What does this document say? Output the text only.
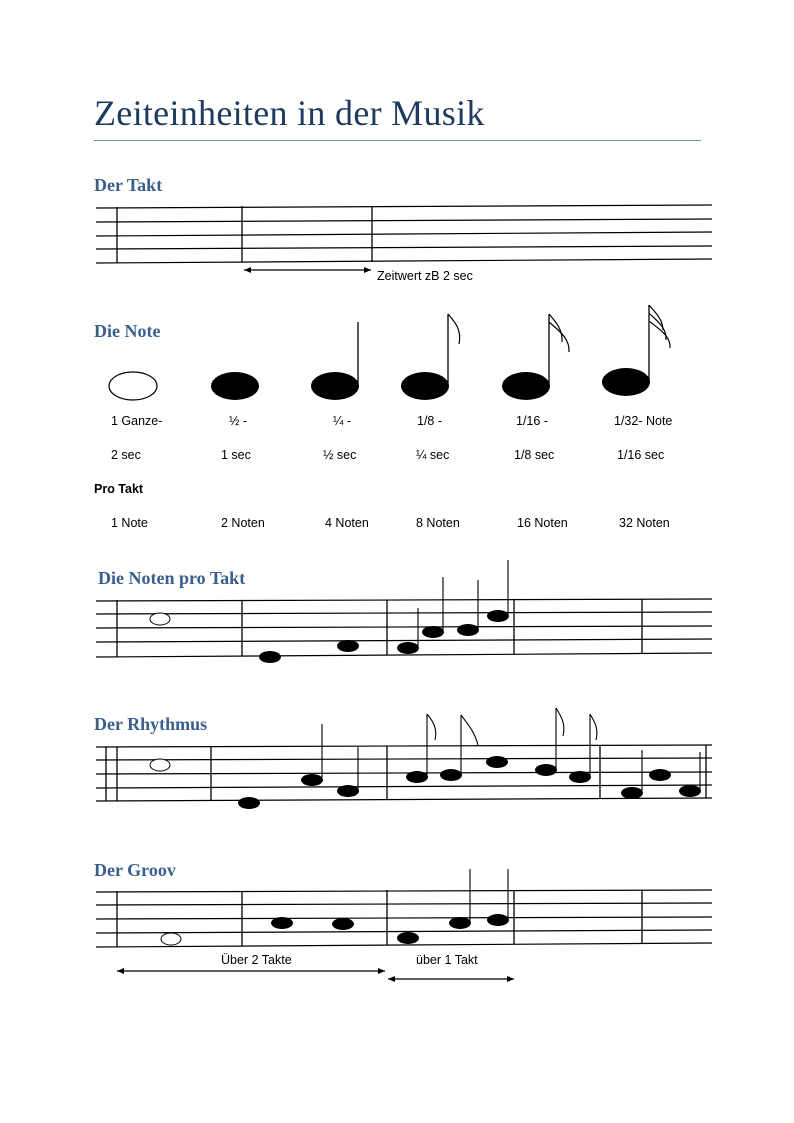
Zeiteinheiten in der Musik
Der Takt
Zeitwert zB 2 sec
Die Note
1 Ganze-	½ -	¼ -	1/8 -	1/16 -	1/32- Note
2 sec	1 sec	½ sec	¼ sec	1/8 sec	1/16 sec
Pro Takt
1 Note	2 Noten	4 Noten	8 Noten	16 Noten	32 Noten
Die Noten pro Takt
Der Rhythmus
Der Groov
Über 2 Takte	über 1 Takt
